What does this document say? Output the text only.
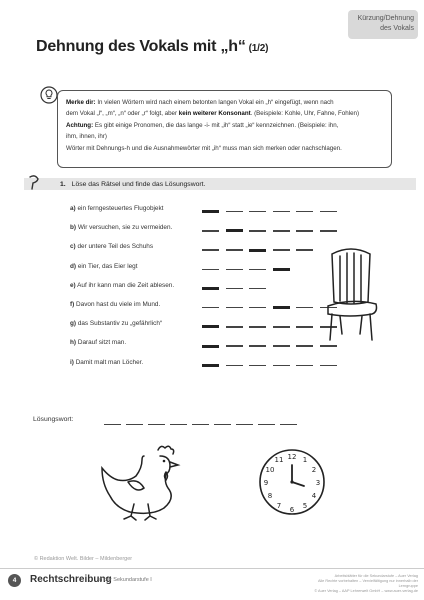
Kürzung/Dehnung
des Vokals
Dehnung des Vokals mit „h“ (1/2)

Merke dir: In vielen Wörtern wird nach einem betonten langen Vokal ein „h“ eingefügt, wenn nach

dem Vokal „l“, „m“, „n“ oder „r“ folgt, aber kein weiterer Konsonant. (Beispiele: Kohle, Uhr, Fahne, Fohlen)

Achtung: Es gibt einige Pronomen, die das lange -i- mit „ih“ statt „ie“ kennzeichnen. (Beispiele: ihn,

ihm, ihnen, ihr)

Wörter mit Dehnungs-h und die Ausnahmewörter mit „ih“ muss man sich merken oder nachschlagen.

1. Löse das Rätsel und finde das Lösungswort.
a) ein ferngesteuertes Flugobjekt
b) Wir versuchen, sie zu vermeiden.
c) der untere Teil des Schuhs
d) ein Tier, das Eier legt
e) Auf ihr kann man die Zeit ablesen.
f) Davon hast du viele im Mund.
g) das Substantiv zu „gefährlich“
h) Darauf sitzt man.
i) Damit malt man Löcher.
Lösungswort:
12 1
2
3
4
5
6
7
8
9
10
11
© Redaktion Welt. Bilder – Mildenberger
4	Rechtschreibung
in der Sekundarstufe I
Arbeitsblätter für die Sekundarstufe – Auer Verlag
Alle Rechte vorbehalten – Vervielfältigung nur innerhalb der Lerngruppe
© Auer Verlag – AAP Lehrerwelt GmbH – www.auer-verlag.de
